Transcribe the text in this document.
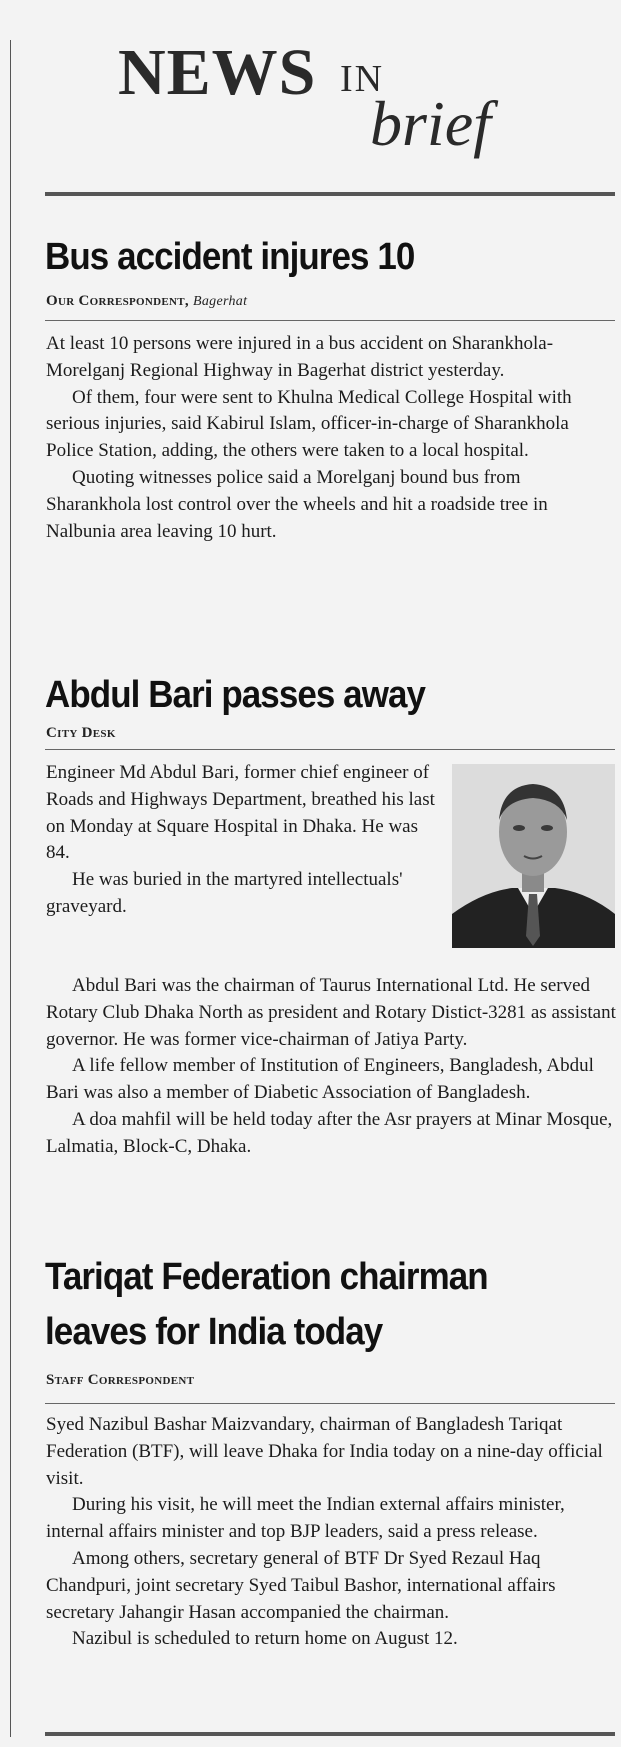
NEWS IN
brief
Bus accident injures 10
Our Correspondent, Bagerhat

At least 10 persons were injured in a bus accident on Sharankhola-Morelganj Regional Highway in Bagerhat district yesterday.

Of them, four were sent to Khulna Medical College Hospital with serious injuries, said Kabirul Islam, officer-in-charge of Sharankhola Police Station, adding, the others were taken to a local hospital.

Quoting witnesses police said a Morelganj bound bus from Sharankhola lost control over the wheels and hit a roadside tree in Nalbunia area leaving 10 hurt.

Abdul Bari passes away
City Desk

Engineer Md Abdul Bari, former chief engineer of Roads and Highways Department, breathed his last on Monday at Square Hospital in Dhaka. He was 84.

He was buried in the martyred intellectuals' graveyard.

Abdul Bari was the chairman of Taurus International Ltd. He served Rotary Club Dhaka North as president and Rotary Distict-3281 as assistant governor. He was former vice-chairman of Jatiya Party.

A life fellow member of Institution of Engineers, Bangladesh, Abdul Bari was also a member of Diabetic Association of Bangladesh.

A doa mahfil will be held today after the Asr prayers at Minar Mosque, Lalmatia, Block-C, Dhaka.

Tariqat Federation chairman
leaves for India today
Staff Correspondent

Syed Nazibul Bashar Maizvandary, chairman of Bangladesh Tariqat Federation (BTF), will leave Dhaka for India today on a nine-day official visit.

During his visit, he will meet the Indian external affairs minister, internal affairs minister and top BJP leaders, said a press release.

Among others, secretary general of BTF Dr Syed Rezaul Haq Chandpuri, joint secretary Syed Taibul Bashor, international affairs secretary Jahangir Hasan accompanied the chairman.

Nazibul is scheduled to return home on August 12.
